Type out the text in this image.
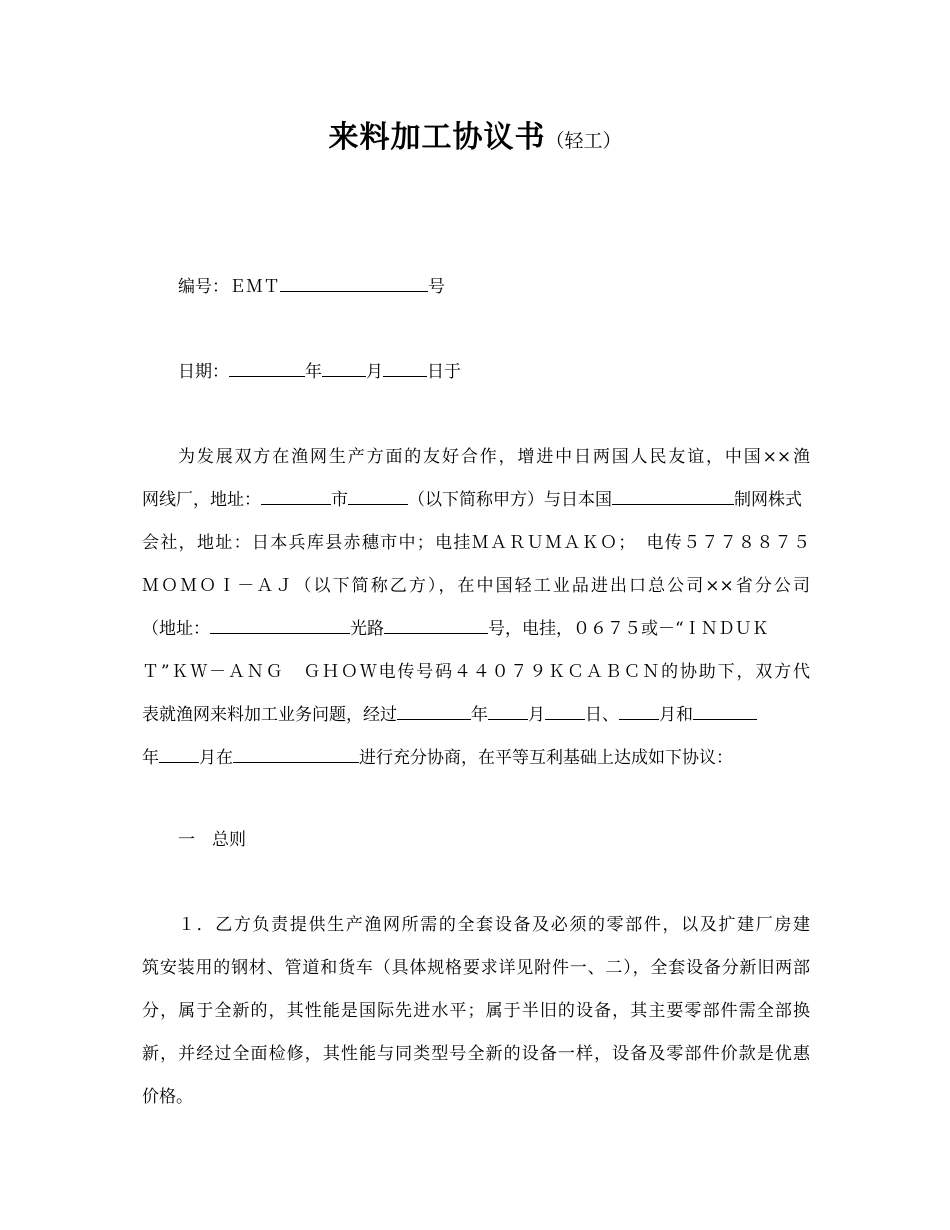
来料加工协议书（轻工）
编号：ＥＭＴ	号
日期：	年	月	日于
为发展双方在渔网生产方面的友好合作，增进中日两国人民友谊，中国××渔
网线厂，地址：	市	（以下简称甲方）与日本国	制网株式
会社，地址：日本兵库县赤穗市中；电挂ＭＡＲＵＭＡＫＯ；　电传５７７８８７５
ＭＯＭＯＩ－ＡＪ（以下简称乙方），在中国轻工业品进出口总公司××省分公司
（地址：	光路	号，电挂，０６７５或－“ＩＮＤＵＫ
Ｔ”ＫＷ－ＡＮＧ　ＧＨＯＷ电传号码４４０７９ＫＣＡＢＣＮ的协助下，双方代
表就渔网来料加工业务问题，经过	年 月 日、 月和
年 月在	进行充分协商，在平等互利基础上达成如下协议：
一　总则
１．乙方负责提供生产渔网所需的全套设备及必须的零部件，以及扩建厂房建
筑安装用的钢材、管道和货车（具体规格要求详见附件一、二），全套设备分新旧两部
分，属于全新的，其性能是国际先进水平；属于半旧的设备，其主要零部件需全部换
新，并经过全面检修，其性能与同类型号全新的设备一样，设备及零部件价款是优惠
价格。
